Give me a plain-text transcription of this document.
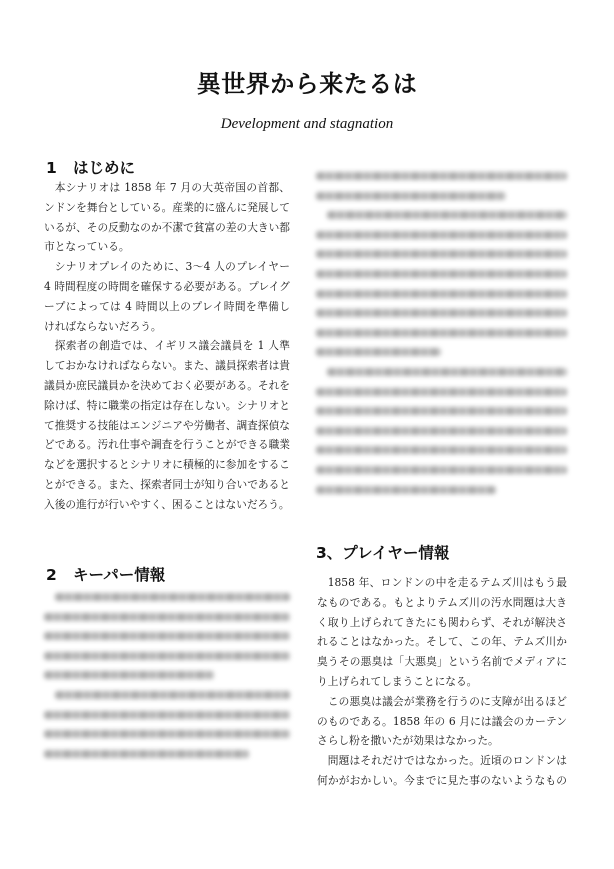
異世界から来たるは
Development and stagnation
1 はじめに
本シナリオは 1858 年 7 月の大英帝国の首都、
ンドンを舞台としている。産業的に盛んに発展して
いるが、その反動なのか不潔で貧富の差の大きい都
市となっている。
シナリオプレイのために、3〜4 人のプレイヤー
4 時間程度の時間を確保する必要がある。プレイグ
ープによっては 4 時間以上のプレイ時間を準備し
ければならないだろう。
探索者の創造では、イギリス議会議員を 1 人準
しておかなければならない。また、議員探索者は貴
議員か庶民議員かを決めておく必要がある。それを
除けば、特に職業の指定は存在しない。シナリオと
て推奨する技能はエンジニアや労働者、調査探偵な
どである。汚れ仕事や調査を行うことができる職業
などを選択するとシナリオに積極的に参加をするこ
とができる。また、探索者同士が知り合いであると
入後の進行が行いやすく、困ることはないだろう。
2 キーパー情報
3、プレイヤー情報
1858 年、ロンドンの中を走るテムズ川はもう最
なものである。もとよりテムズ川の汚水問題は大き
く取り上げられてきたにも関わらず、それが解決さ
れることはなかった。そして、この年、テムズ川か
臭うその悪臭は「大悪臭」という名前でメディアに
り上げられてしまうことになる。
この悪臭は議会が業務を行うのに支障が出るほど
のものである。1858 年の 6 月には議会のカーテン
さらし粉を撒いたが効果はなかった。
問題はそれだけではなかった。近頃のロンドンは
何かがおかしい。今までに見た事のないようなもの
